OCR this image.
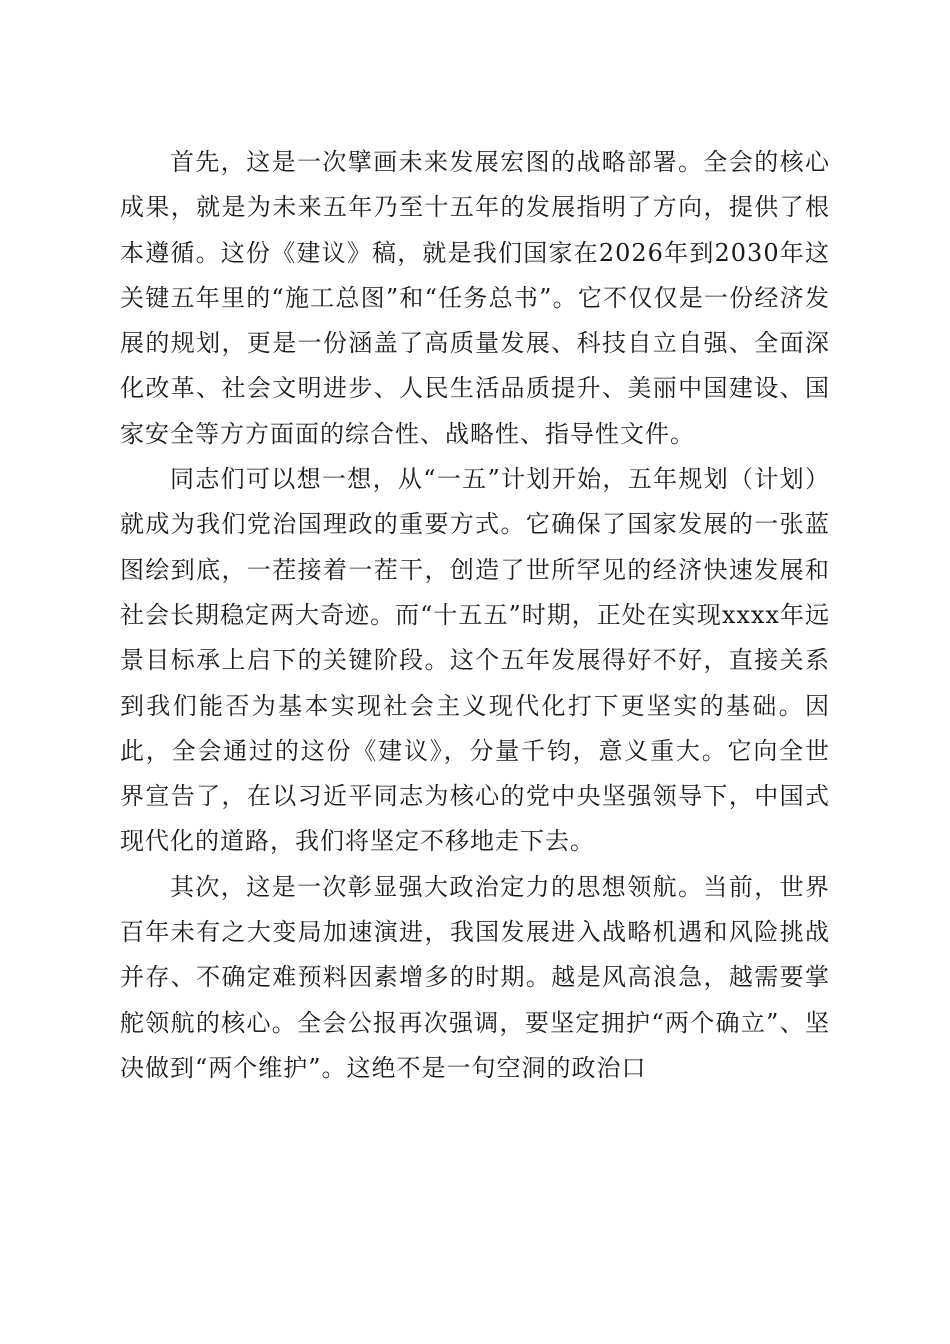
首先，这是一次擘画未来发展宏图的战略部署。全会的核心成果，就是为未来五年乃至十五年的发展指明了方向，提供了根本遵循。这份《建议》稿，就是我们国家在2026年到2030年这关键五年里的“施工总图”和“任务总书”。它不仅仅是一份经济发展的规划，更是一份涵盖了高质量发展、科技自立自强、全面深化改革、社会文明进步、人民生活品质提升、美丽中国建设、国家安全等方方面面的综合性、战略性、指导性文件。

同志们可以想一想，从“一五”计划开始，五年规划（计划）就成为我们党治国理政的重要方式。它确保了国家发展的一张蓝图绘到底，一茬接着一茬干，创造了世所罕见的经济快速发展和社会长期稳定两大奇迹。而“十五五”时期，正处在实现xxxx年远景目标承上启下的关键阶段。这个五年发展得好不好，直接关系到我们能否为基本实现社会主义现代化打下更坚实的基础。因此，全会通过的这份《建议》，分量千钧，意义重大。它向全世界宣告了，在以习近平同志为核心的党中央坚强领导下，中国式现代化的道路，我们将坚定不移地走下去。

其次，这是一次彰显强大政治定力的思想领航。当前，世界百年未有之大变局加速演进，我国发展进入战略机遇和风险挑战并存、不确定难预料因素增多的时期。越是风高浪急，越需要掌舵领航的核心。全会公报再次强调，要坚定拥护“两个确立”、坚决做到“两个维护”。这绝不是一句空洞的政治口
